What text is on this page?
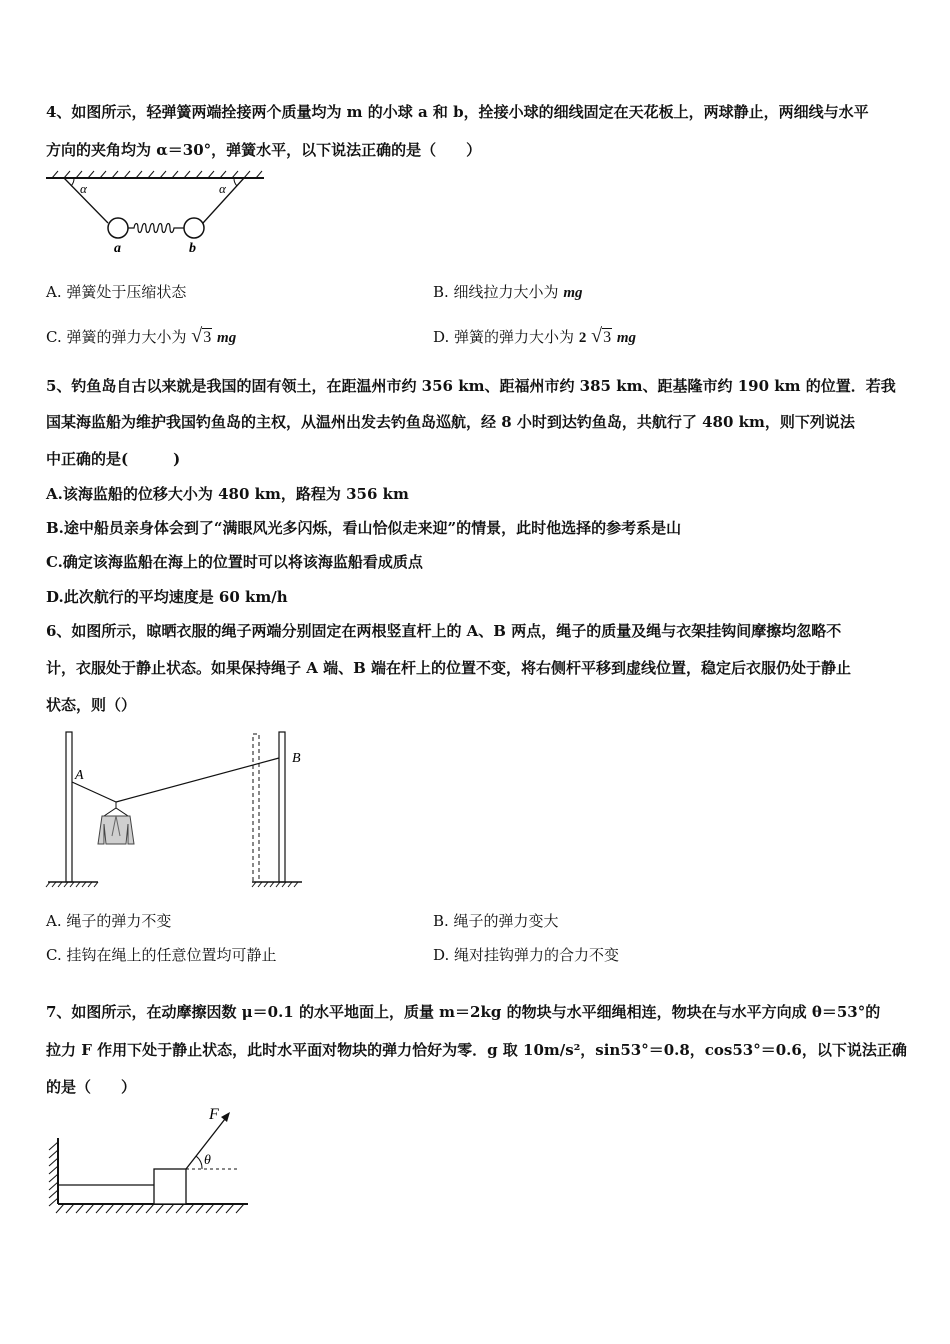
4、如图所示，轻弹簧两端拴接两个质量均为 m 的小球 a 和 b，拴接小球的细线固定在天花板上，两球静止，两细线与水平
方向的夹角均为 α＝30°，弹簧水平，以下说法正确的是（　　）
α	α
a	b
A. 弹簧处于压缩状态	B. 细线拉力大小为 mg
C. 弹簧的弹力大小为 √3 mg	D. 弹簧的弹力大小为 2 √3 mg
5、钓鱼岛自古以来就是我国的固有领土，在距温州市约 356 km、距福州市约 385 km、距基隆市约 190 km 的位置．若我
国某海监船为维护我国钓鱼岛的主权，从温州出发去钓鱼岛巡航，经 8 小时到达钓鱼岛，共航行了 480 km，则下列说法
中正确的是(　　　)
A.该海监船的位移大小为 480 km，路程为 356 km
B.途中船员亲身体会到了“满眼风光多闪烁，看山恰似走来迎”的情景，此时他选择的参考系是山
C.确定该海监船在海上的位置时可以将该海监船看成质点
D.此次航行的平均速度是 60 km/h
6、如图所示，晾晒衣服的绳子两端分别固定在两根竖直杆上的 A、B 两点，绳子的质量及绳与衣架挂钩间摩擦均忽略不
计，衣服处于静止状态。如果保持绳子 A 端、B 端在杆上的位置不变，将右侧杆平移到虚线位置，稳定后衣服仍处于静止
状态，则（）
A
B
A. 绳子的弹力不变	B. 绳子的弹力变大
C. 挂钩在绳上的任意位置均可静止	D. 绳对挂钩弹力的合力不变
7、如图所示，在动摩擦因数 μ＝0.1 的水平地面上，质量 m＝2kg 的物块与水平细绳相连，物块在与水平方向成 θ＝53°的
拉力 F 作用下处于静止状态，此时水平面对物块的弹力恰好为零．g 取 10m/s²，sin53°＝0.8，cos53°＝0.6，以下说法正确
的是（　　）
F
θ
